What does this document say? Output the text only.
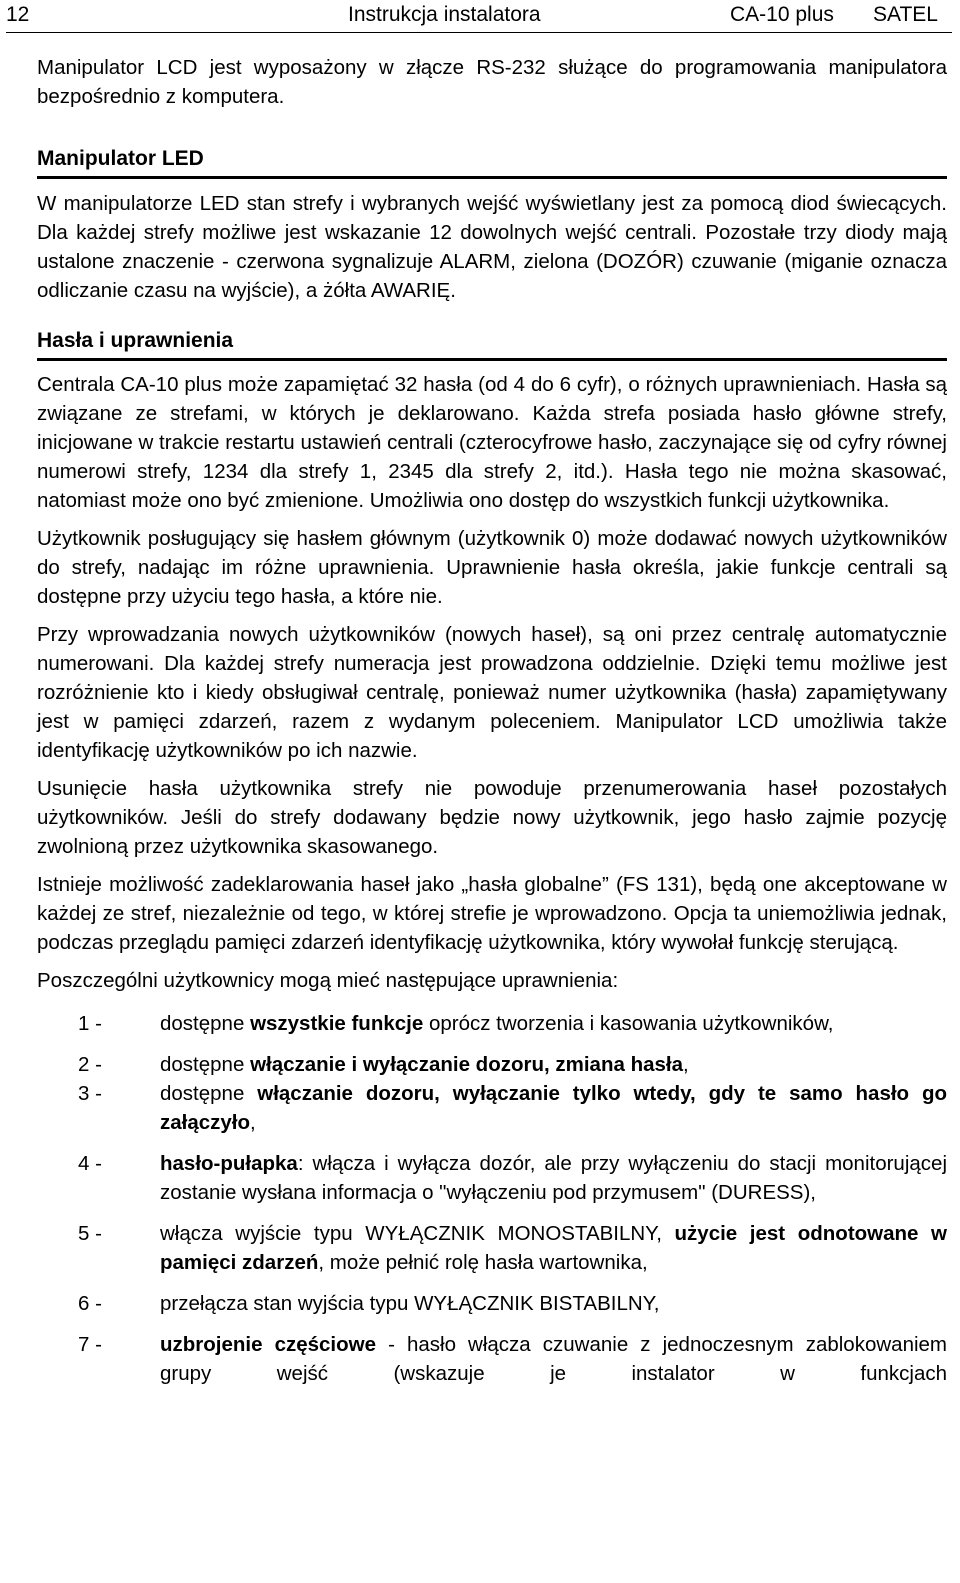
12	Instrukcja instalatora	CA-10 plus SATEL

Manipulator LCD jest wyposażony w złącze RS-232 służące do programowania manipulatora bezpośrednio z komputera.

Manipulator LED

W manipulatorze LED stan strefy i wybranych wejść wyświetlany jest za pomocą diod świecących. Dla każdej strefy możliwe jest wskazanie 12 dowolnych wejść centrali. Pozostałe trzy diody mają ustalone znaczenie - czerwona sygnalizuje ALARM, zielona (DOZÓR) czuwanie (miganie oznacza odliczanie czasu na wyjście), a żółta AWARIĘ.

Hasła i uprawnienia

Centrala CA-10 plus może zapamiętać 32 hasła (od 4 do 6 cyfr), o różnych uprawnieniach. Hasła są związane ze strefami, w których je deklarowano. Każda strefa posiada hasło główne strefy, inicjowane w trakcie restartu ustawień centrali (czterocyfrowe hasło, zaczynające się od cyfry równej numerowi strefy, 1234 dla strefy 1, 2345 dla strefy 2, itd.). Hasła tego nie można skasować, natomiast może ono być zmienione. Umożliwia ono dostęp do wszystkich funkcji użytkownika.

Użytkownik posługujący się hasłem głównym (użytkownik 0) może dodawać nowych użytkowników do strefy, nadając im różne uprawnienia. Uprawnienie hasła określa, jakie funkcje centrali są dostępne przy użyciu tego hasła, a które nie.

Przy wprowadzania nowych użytkowników (nowych haseł), są oni przez centralę automatycznie numerowani. Dla każdej strefy numeracja jest prowadzona oddzielnie. Dzięki temu możliwe jest rozróżnienie kto i kiedy obsługiwał centralę, ponieważ numer użytkownika (hasła) zapamiętywany jest w pamięci zdarzeń, razem z wydanym poleceniem. Manipulator LCD umożliwia także identyfikację użytkowników po ich nazwie.

Usunięcie hasła użytkownika strefy nie powoduje przenumerowania haseł pozostałych użytkowników. Jeśli do strefy dodawany będzie nowy użytkownik, jego hasło zajmie pozycję zwolnioną przez użytkownika skasowanego.

Istnieje możliwość zadeklarowania haseł jako „hasła globalne” (FS 131), będą one akceptowane w każdej ze stref, niezależnie od tego, w której strefie je wprowadzono. Opcja ta uniemożliwia jednak, podczas przeglądu pamięci zdarzeń identyfikację użytkownika, który wywołał funkcję sterującą.

Poszczególni użytkownicy mogą mieć następujące uprawnienia:

1 -	dostępne wszystkie funkcje oprócz tworzenia i kasowania użytkowników,
2 -	dostępne włączanie i wyłączanie dozoru, zmiana hasła,
3 -	dostępne włączanie dozoru, wyłączanie tylko wtedy, gdy te samo hasło go załączyło,
4 -	hasło-pułapka: włącza i wyłącza dozór, ale przy wyłączeniu do stacji monitorującej zostanie wysłana informacja o "wyłączeniu pod przymusem" (DURESS),
5 -	włącza wyjście typu WYŁĄCZNIK MONOSTABILNY, użycie jest odnotowane w pamięci zdarzeń, może pełnić rolę hasła wartownika,
6 -	przełącza stan wyjścia typu WYŁĄCZNIK BISTABILNY,
7 -	uzbrojenie częściowe - hasło włącza czuwanie z jednoczesnym zablokowaniem grupy wejść (wskazuje je instalator w funkcjach
